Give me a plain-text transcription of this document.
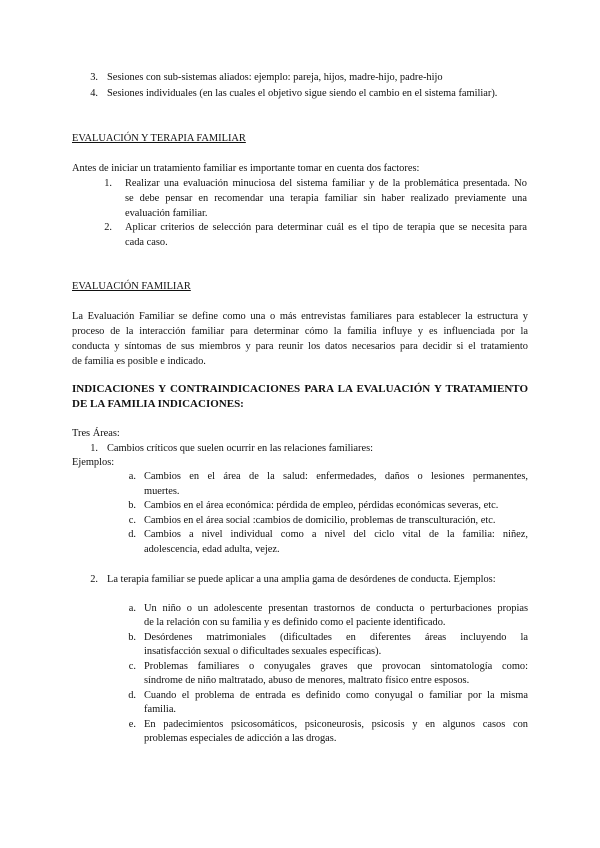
3. Sesiones con sub-sistemas aliados: ejemplo: pareja, hijos, madre-hijo, padre-hijo
4. Sesiones individuales (en las cuales el objetivo sigue siendo el cambio en el sistema familiar).
EVALUACIÓN Y TERAPIA FAMILIAR
Antes de iniciar un tratamiento familiar es importante tomar en cuenta dos factores:
1. Realizar una evaluación minuciosa del sistema familiar y de la problemática presentada. No
se debe pensar en recomendar una terapia familiar sin haber realizado previamente una
evaluación familiar.
2. Aplicar criterios de selección para determinar cuál es el tipo de terapia que se necesita para
cada caso.
EVALUACIÓN FAMILIAR
La Evaluación Familiar se define como una o más entrevistas familiares para establecer la estructura y
proceso de la interacción familiar para determinar cómo la familia influye y es influenciada por la
conducta y síntomas de sus miembros y para reunir los datos necesarios para decidir si el tratamiento
de familia es posible e indicado.
INDICACIONES Y CONTRAINDICACIONES PARA LA EVALUACIÓN Y TRATAMIENTO
DE LA FAMILIA INDICACIONES:
Tres Áreas:
1. Cambios críticos que suelen ocurrir en las relaciones familiares:
Ejemplos:
a. Cambios en el área de la salud: enfermedades, daños o lesiones permanentes,
muertes.
b. Cambios en el área económica: pérdida de empleo, pérdidas económicas severas, etc.
c. Cambios en el área social :cambios de domicilio, problemas de transculturación, etc.
d. Cambios a nivel individual como a nivel del ciclo vital de la familia: niñez,
adolescencia, edad adulta, vejez.
2. La terapia familiar se puede aplicar a una amplia gama de desórdenes de conducta. Ejemplos:
a. Un niño o un adolescente presentan trastornos de conducta o perturbaciones propias
de la relación con su familia y es definido como el paciente identificado.
b. Desórdenes matrimoniales (dificultades en diferentes áreas incluyendo la
insatisfacción sexual o dificultades sexuales específicas).
c. Problemas familiares o conyugales graves que provocan sintomatología como:
síndrome de niño maltratado, abuso de menores, maltrato físico entre esposos.
d. Cuando el problema de entrada es definido como conyugal o familiar por la misma
familia.
e. En padecimientos psicosomáticos, psiconeurosis, psicosis y en algunos casos con
problemas especiales de adicción a las drogas.
